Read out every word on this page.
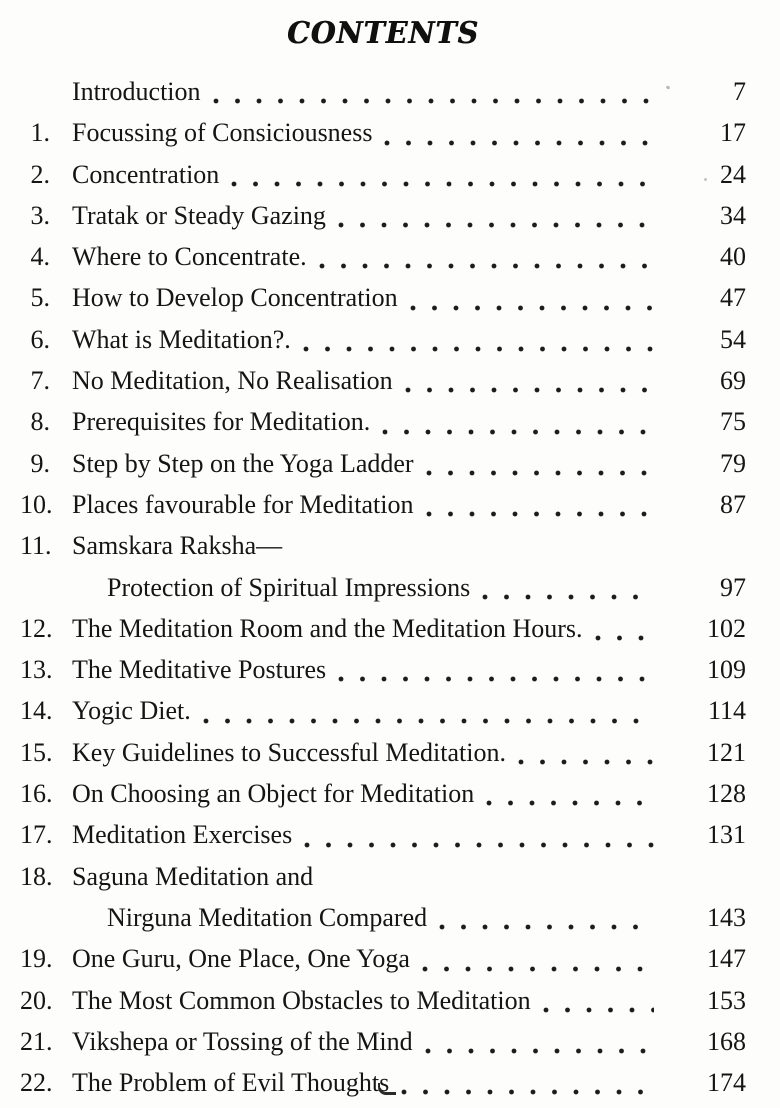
CONTENTS
Introduction	7
1. Focussing of Consiciousness	17
2. Concentration	24
3. Tratak or Steady Gazing	34
4. Where to Concentrate.	40
5. How to Develop Concentration	47
6. What is Meditation?.	54
7. No Meditation, No Realisation	69
8. Prerequisites for Meditation.	75
9. Step by Step on the Yoga Ladder	79
10. Places favourable for Meditation	87
11. Samskara Raksha—
Protection of Spiritual Impressions	97
12. The Meditation Room and the Meditation Hours.	102
13. The Meditative Postures	109
14. Yogic Diet.	114
15. Key Guidelines to Successful Meditation.	121
16. On Choosing an Object for Meditation	128
17. Meditation Exercises	131
18. Saguna Meditation and
Nirguna Meditation Compared	143
19. One Guru, One Place, One Yoga	147
20. The Most Common Obstacles to Meditation	153
21. Vikshepa or Tossing of the Mind	168
22. The Problem of Evil Thoughts	174
